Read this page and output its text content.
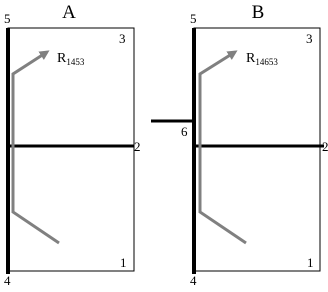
A
$R_{1453}$
5
3
2
1
4
B
$R_{14653}$
5
3
2
1
4
6
